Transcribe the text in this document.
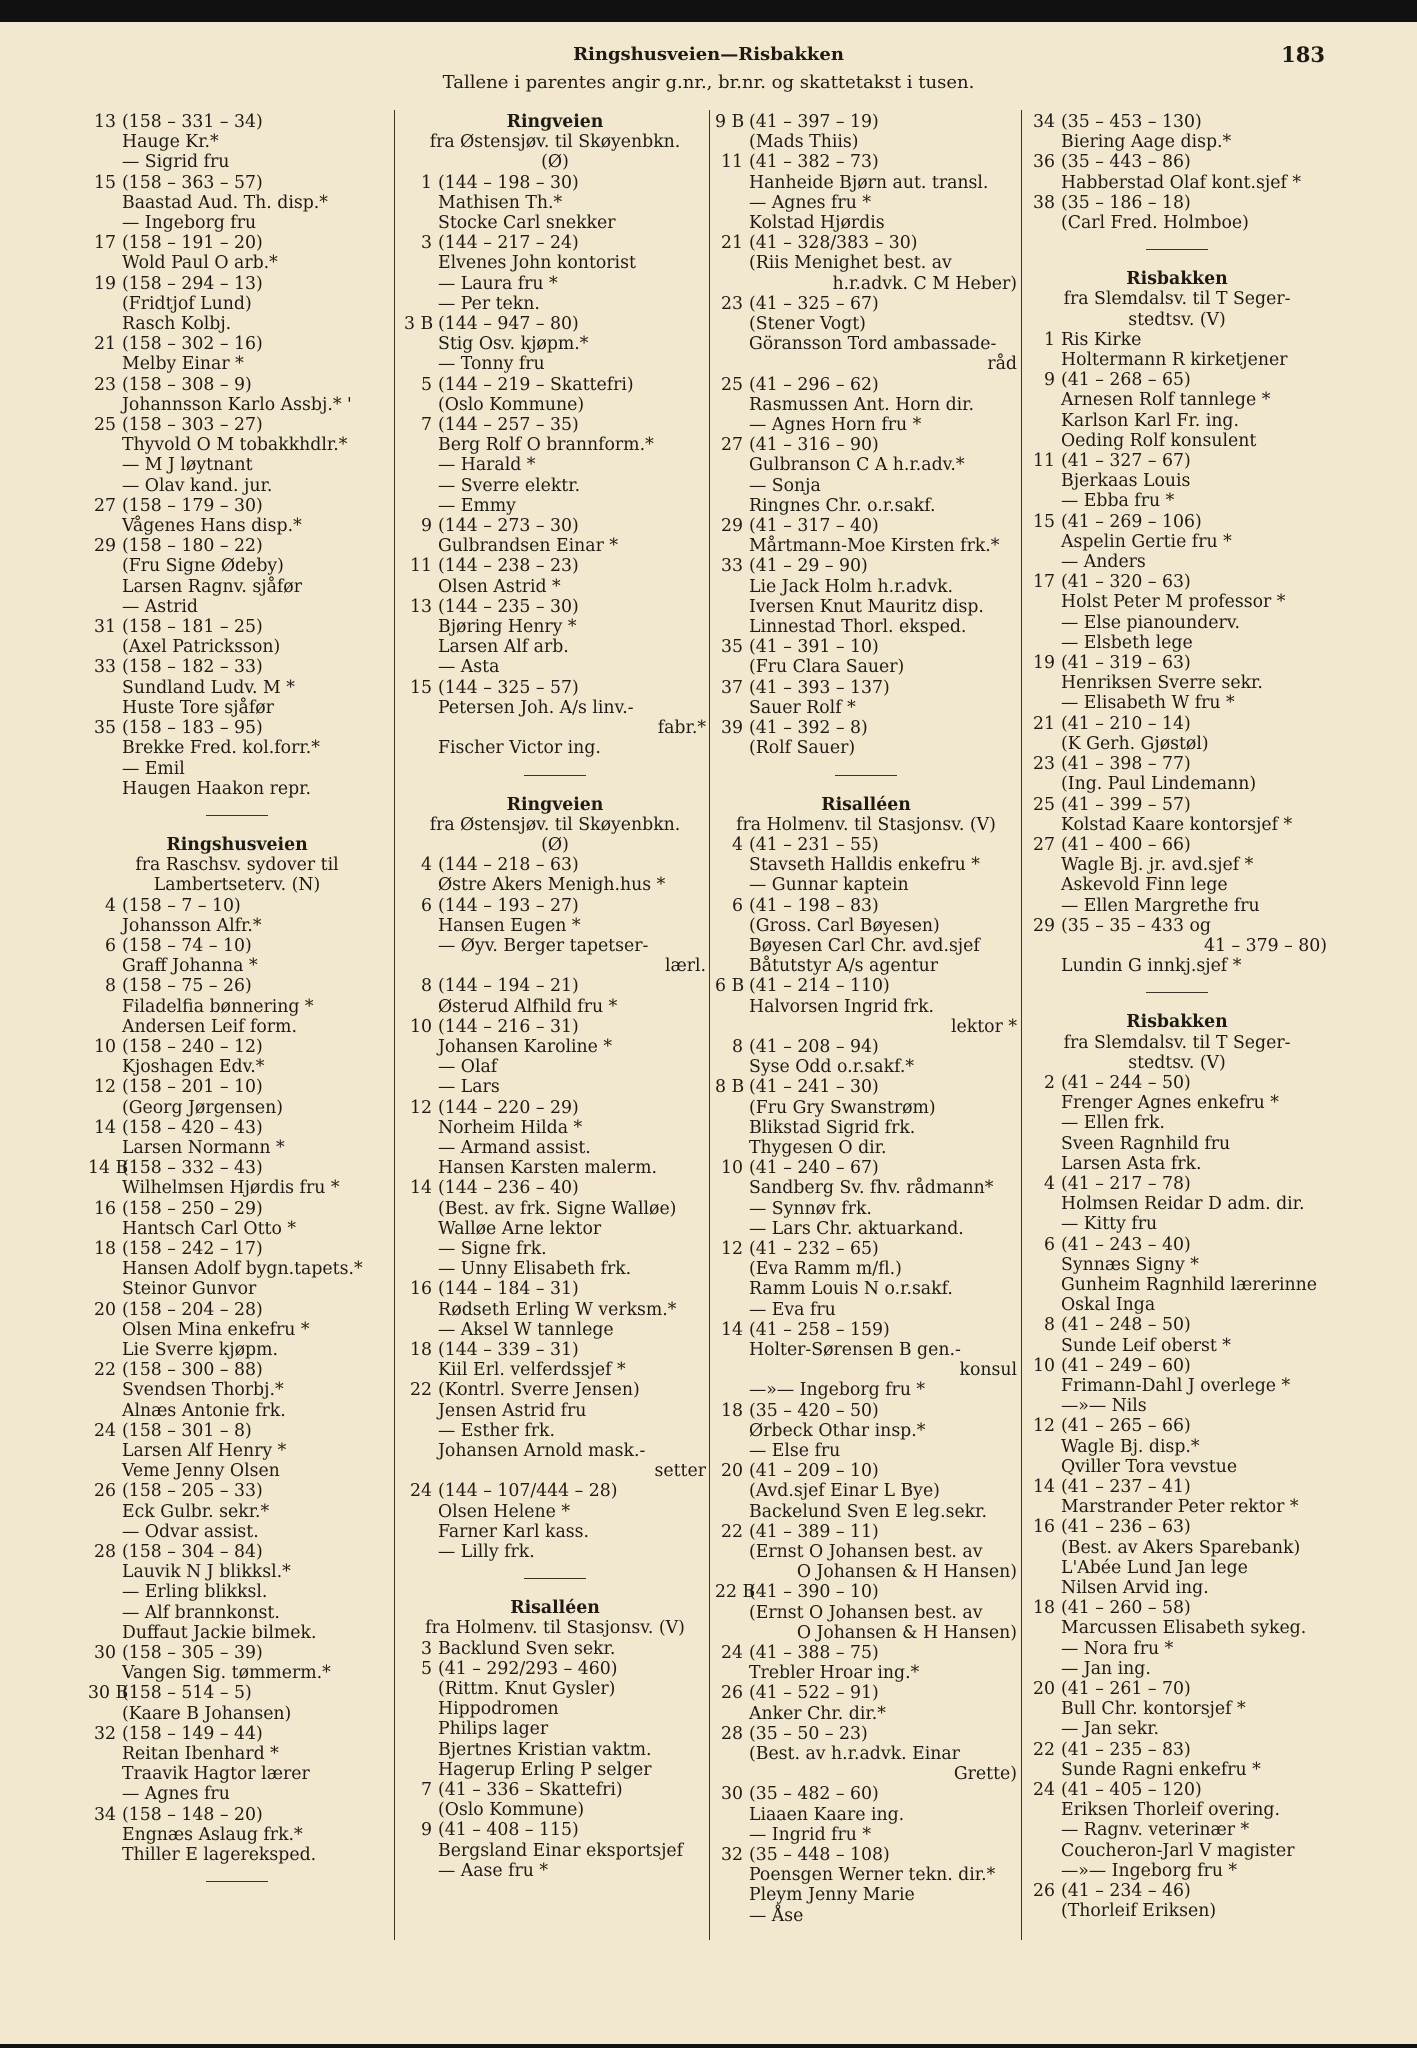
Ringshusveien—Risbakken
Tallene i parentes angir g.nr., br.nr. og skattetakst i tusen.
183
13 (158 – 331 – 34)
Hauge Kr.*
— Sigrid fru
15 (158 – 363 – 57)
Baastad Aud. Th. disp.*
— Ingeborg fru
17 (158 – 191 – 20)
Wold Paul O arb.*
19 (158 – 294 – 13)
(Fridtjof Lund)
Rasch Kolbj.
21 (158 – 302 – 16)
Melby Einar *
23 (158 – 308 – 9)
Johannsson Karlo Assbj.* '
25 (158 – 303 – 27)
Thyvold O M tobakkhdlr.*
— M J løytnant
— Olav kand. jur.
27 (158 – 179 – 30)
Vågenes Hans disp.*
29 (158 – 180 – 22)
(Fru Signe Ødeby)
Larsen Ragnv. sjåfør
— Astrid
31 (158 – 181 – 25)
(Axel Patricksson)
33 (158 – 182 – 33)
Sundland Ludv. M *
Huste Tore sjåfør
35 (158 – 183 – 95)
Brekke Fred. kol.forr.*
— Emil
Haugen Haakon repr.
Ringshusveien
fra Raschsv. sydover til
Lambertseterv. (N)
4 (158 – 7 – 10)
Johansson Alfr.*
6 (158 – 74 – 10)
Graff Johanna *
8 (158 – 75 – 26)
Filadelfia bønnering *
Andersen Leif form.
10 (158 – 240 – 12)
Kjoshagen Edv.*
12 (158 – 201 – 10)
(Georg Jørgensen)
14 (158 – 420 – 43)
Larsen Normann *
14 B
(158 – 332 – 43)
Wilhelmsen Hjørdis fru *
16 (158 – 250 – 29)
Hantsch Carl Otto *
18 (158 – 242 – 17)
Hansen Adolf bygn.tapets.*
Steinor Gunvor
20 (158 – 204 – 28)
Olsen Mina enkefru *
Lie Sverre kjøpm.
22 (158 – 300 – 88)
Svendsen Thorbj.*
Alnæs Antonie frk.
24 (158 – 301 – 8)
Larsen Alf Henry *
Veme Jenny Olsen
26 (158 – 205 – 33)
Eck Gulbr. sekr.*
— Odvar assist.
28 (158 – 304 – 84)
Lauvik N J blikksl.*
— Erling blikksl.
— Alf brannkonst.
Duffaut Jackie bilmek.
30 (158 – 305 – 39)
Vangen Sig. tømmerm.*
30 B
(158 – 514 – 5)
(Kaare B Johansen)
32 (158 – 149 – 44)
Reitan Ibenhard *
Traavik Hagtor lærer
— Agnes fru
34 (158 – 148 – 20)
Engnæs Aslaug frk.*
Thiller E lagereksped.
Ringveien
fra Østensjøv. til Skøyenbkn.
(Ø)
1 (144 – 198 – 30)
Mathisen Th.*
Stocke Carl snekker
3 (144 – 217 – 24)
Elvenes John kontorist
— Laura fru *
— Per tekn.
3 B (144 – 947 – 80)
Stig Osv. kjøpm.*
— Tonny fru
5 (144 – 219 – Skattefri)
(Oslo Kommune)
7 (144 – 257 – 35)
Berg Rolf O brannform.*
— Harald *
— Sverre elektr.
— Emmy
9 (144 – 273 – 30)
Gulbrandsen Einar *
11 (144 – 238 – 23)
Olsen Astrid *
13 (144 – 235 – 30)
Bjøring Henry *
Larsen Alf arb.
— Asta
15 (144 – 325 – 57)
Petersen Joh. A/s linv.-
fabr.*
Fischer Victor ing.
Ringveien
fra Østensjøv. til Skøyenbkn.
(Ø)
4 (144 – 218 – 63)
Østre Akers Menigh.hus *
6 (144 – 193 – 27)
Hansen Eugen *
— Øyv. Berger tapetser-
lærl.
8 (144 – 194 – 21)
Østerud Alfhild fru *
10 (144 – 216 – 31)
Johansen Karoline *
— Olaf
— Lars
12 (144 – 220 – 29)
Norheim Hilda *
— Armand assist.
Hansen Karsten malerm.
14 (144 – 236 – 40)
(Best. av frk. Signe Walløe)
Walløe Arne lektor
— Signe frk.
— Unny Elisabeth frk.
16 (144 – 184 – 31)
Rødseth Erling W verksm.*
— Aksel W tannlege
18 (144 – 339 – 31)
Kiil Erl. velferdssjef *
22 (Kontrl. Sverre Jensen)
Jensen Astrid fru
— Esther frk.
Johansen Arnold mask.-
setter
24 (144 – 107/444 – 28)
Olsen Helene *
Farner Karl kass.
— Lilly frk.
Risalléen
fra Holmenv. til Stasjonsv. (V)
3 Backlund Sven sekr.
5 (41 – 292/293 – 460)
(Rittm. Knut Gysler)
Hippodromen
Philips lager
Bjertnes Kristian vaktm.
Hagerup Erling P selger
7 (41 – 336 – Skattefri)
(Oslo Kommune)
9 (41 – 408 – 115)
Bergsland Einar eksportsjef
— Aase fru *
9 B (41 – 397 – 19)
(Mads Thiis)
11 (41 – 382 – 73)
Hanheide Bjørn aut. transl.
— Agnes fru *
Kolstad Hjørdis
21 (41 – 328/383 – 30)
(Riis Menighet best. av
h.r.advk. C M Heber)
23 (41 – 325 – 67)
(Stener Vogt)
Göransson Tord ambassade-
råd
25 (41 – 296 – 62)
Rasmussen Ant. Horn dir.
— Agnes Horn fru *
27 (41 – 316 – 90)
Gulbranson C A h.r.adv.*
— Sonja
Ringnes Chr. o.r.sakf.
29 (41 – 317 – 40)
Mårtmann-Moe Kirsten frk.*
33 (41 – 29 – 90)
Lie Jack Holm h.r.advk.
Iversen Knut Mauritz disp.
Linnestad Thorl. eksped.
35 (41 – 391 – 10)
(Fru Clara Sauer)
37 (41 – 393 – 137)
Sauer Rolf *
39 (41 – 392 – 8)
(Rolf Sauer)
Risalléen
fra Holmenv. til Stasjonsv. (V)
4 (41 – 231 – 55)
Stavseth Halldis enkefru *
— Gunnar kaptein
6 (41 – 198 – 83)
(Gross. Carl Bøyesen)
Bøyesen Carl Chr. avd.sjef
Båtutstyr A/s agentur
6 B (41 – 214 – 110)
Halvorsen Ingrid frk.
lektor *
8 (41 – 208 – 94)
Syse Odd o.r.sakf.*
8 B (41 – 241 – 30)
(Fru Gry Swanstrøm)
Blikstad Sigrid frk.
Thygesen O dir.
10 (41 – 240 – 67)
Sandberg Sv. fhv. rådmann*
— Synnøv frk.
— Lars Chr. aktuarkand.
12 (41 – 232 – 65)
(Eva Ramm m/fl.)
Ramm Louis N o.r.sakf.
— Eva fru
14 (41 – 258 – 159)
Holter-Sørensen B gen.-
konsul
—»— Ingeborg fru *
18 (35 – 420 – 50)
Ørbeck Othar insp.*
— Else fru
20 (41 – 209 – 10)
(Avd.sjef Einar L Bye)
Backelund Sven E leg.sekr.
22 (41 – 389 – 11)
(Ernst O Johansen best. av
O Johansen & H Hansen)
22 B
(41 – 390 – 10)
(Ernst O Johansen best. av
O Johansen & H Hansen)
24 (41 – 388 – 75)
Trebler Hroar ing.*
26 (41 – 522 – 91)
Anker Chr. dir.*
28 (35 – 50 – 23)
(Best. av h.r.advk. Einar
Grette)
30 (35 – 482 – 60)
Liaaen Kaare ing.
— Ingrid fru *
32 (35 – 448 – 108)
Poensgen Werner tekn. dir.*
Pleym Jenny Marie
— Åse
34 (35 – 453 – 130)
Biering Aage disp.*
36 (35 – 443 – 86)
Habberstad Olaf kont.sjef *
38 (35 – 186 – 18)
(Carl Fred. Holmboe)
Risbakken
fra Slemdalsv. til T Seger-
stedtsv. (V)
1 Ris Kirke
Holtermann R kirketjener
9 (41 – 268 – 65)
Arnesen Rolf tannlege *
Karlson Karl Fr. ing.
Oeding Rolf konsulent
11 (41 – 327 – 67)
Bjerkaas Louis
— Ebba fru *
15 (41 – 269 – 106)
Aspelin Gertie fru *
— Anders
17 (41 – 320 – 63)
Holst Peter M professor *
— Else pianounderv.
— Elsbeth lege
19 (41 – 319 – 63)
Henriksen Sverre sekr.
— Elisabeth W fru *
21 (41 – 210 – 14)
(K Gerh. Gjøstøl)
23 (41 – 398 – 77)
(Ing. Paul Lindemann)
25 (41 – 399 – 57)
Kolstad Kaare kontorsjef *
27 (41 – 400 – 66)
Wagle Bj. jr. avd.sjef *
Askevold Finn lege
— Ellen Margrethe fru
29 (35 – 35 – 433 og
41 – 379 – 80)
Lundin G innkj.sjef *
Risbakken
fra Slemdalsv. til T Seger-
stedtsv. (V)
2 (41 – 244 – 50)
Frenger Agnes enkefru *
— Ellen frk.
Sveen Ragnhild fru
Larsen Asta frk.
4 (41 – 217 – 78)
Holmsen Reidar D adm. dir.
— Kitty fru
6 (41 – 243 – 40)
Synnæs Signy *
Gunheim Ragnhild lærerinne
Oskal Inga
8 (41 – 248 – 50)
Sunde Leif oberst *
10 (41 – 249 – 60)
Frimann-Dahl J overlege *
—»— Nils
12 (41 – 265 – 66)
Wagle Bj. disp.*
Qviller Tora vevstue
14 (41 – 237 – 41)
Marstrander Peter rektor *
16 (41 – 236 – 63)
(Best. av Akers Sparebank)
L'Abée Lund Jan lege
Nilsen Arvid ing.
18 (41 – 260 – 58)
Marcussen Elisabeth sykeg.
— Nora fru *
— Jan ing.
20 (41 – 261 – 70)
Bull Chr. kontorsjef *
— Jan sekr.
22 (41 – 235 – 83)
Sunde Ragni enkefru *
24 (41 – 405 – 120)
Eriksen Thorleif overing.
— Ragnv. veterinær *
Coucheron-Jarl V magister
—»— Ingeborg fru *
26 (41 – 234 – 46)
(Thorleif Eriksen)
